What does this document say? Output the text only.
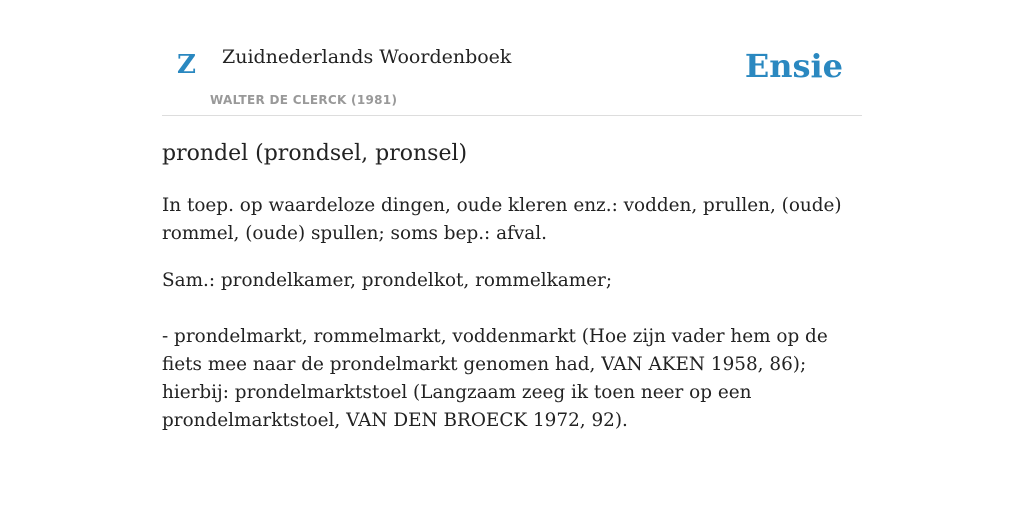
Z Zuidnederlands Woordenboek
WALTER DE CLERCK (1981)
Ensie
prondel (prondsel, pronsel)

In toep. op waardeloze dingen, oude kleren enz.: vodden, prullen, (oude) rommel, (oude) spullen; soms bep.: afval.

Sam.: prondelkamer, prondelkot, rommelkamer;

- prondelmarkt, rommelmarkt, voddenmarkt (Hoe zijn vader hem op de fiets mee naar de prondelmarkt genomen had, VAN AKEN 1958, 86); hierbij: prondelmarktstoel (Langzaam zeeg ik toen neer op een prondelmarktstoel, VAN DEN BROECK 1972, 92).
